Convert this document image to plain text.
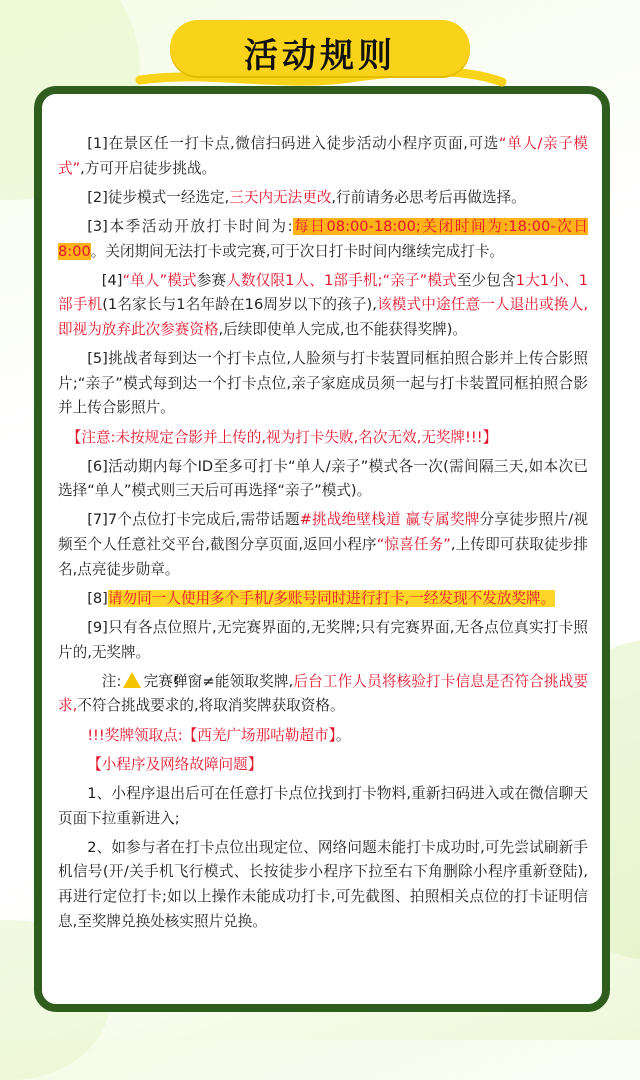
活动规则

[1]在景区任一打卡点,微信扫码进入徒步活动小程序页面,可选“单人/亲子模式”,方可开启徒步挑战。

[2]徒步模式一经选定,三天内无法更改,行前请务必思考后再做选择。

[3]本季活动开放打卡时间为:每日08:00-18:00;关闭时间为:18:00-次日8:00。关闭期间无法打卡或完赛,可于次日打卡时间内继续完成打卡。

[4]“单人”模式参赛人数仅限1人、1部手机;“亲子”模式至少包含1大1小、1部手机(1名家长与1名年龄在16周岁以下的孩子),该模式中途任意一人退出或换人,即视为放弃此次参赛资格,后续即使单人完成,也不能获得奖牌)。

[5]挑战者每到达一个打卡点位,人脸须与打卡装置同框拍照合影并上传合影照片;“亲子”模式每到达一个打卡点位,亲子家庭成员须一起与打卡装置同框拍照合影并上传合影照片。

【注意:未按规定合影并上传的,视为打卡失败,名次无效,无奖牌!!!】

[6]活动期内每个ID至多可打卡“单人/亲子”模式各一次(需间隔三天,如本次已选择“单人”模式则三天后可再选择“亲子”模式)。

[7]7个点位打卡完成后,需带话题#挑战绝壁栈道 赢专属奖牌分享徒步照片/视频至个人任意社交平台,截图分享页面,返回小程序“惊喜任务”,上传即可获取徒步排名,点亮徒步勋章。

[8]请勿同一人使用多个手机/多账号同时进行打卡,一经发现不发放奖牌。

[9]只有各点位照片,无完赛界面的,无奖牌;只有完赛界面,无各点位真实打卡照片的,无奖牌。

注:! 完赛弹窗≠能领取奖牌,后台工作人员将核验打卡信息是否符合挑战要求,不符合挑战要求的,将取消奖牌获取资格。

!!!奖牌领取点:【西羌广场那咕勒超市】。

【小程序及网络故障问题】

1、小程序退出后可在任意打卡点位找到打卡物料,重新扫码进入或在微信聊天页面下拉重新进入;

2、如参与者在打卡点位出现定位、网络问题未能打卡成功时,可先尝试刷新手机信号(开/关手机飞行模式、长按徒步小程序下拉至右下角删除小程序重新登陆),再进行定位打卡;如以上操作未能成功打卡,可先截图、拍照相关点位的打卡证明信息,至奖牌兑换处核实照片兑换。
